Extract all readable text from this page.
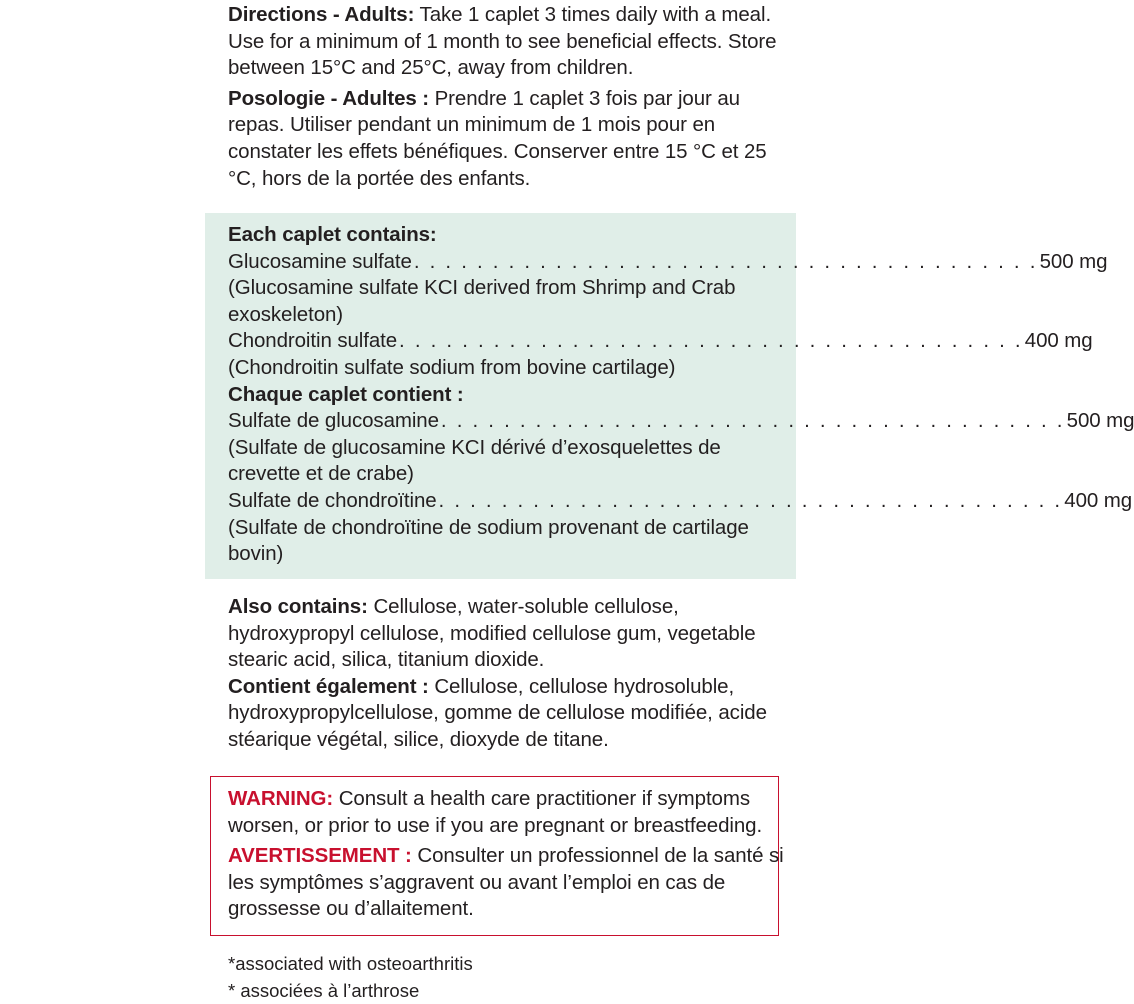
Directions - Adults: Take 1 caplet 3 times daily with a meal. Use for a minimum of 1 month to see beneficial effects. Store between 15°C and 25°C, away from children.
Posologie - Adultes : Prendre 1 caplet 3 fois par jour au repas. Utiliser pendant un minimum de 1 mois pour en constater les effets bénéfiques. Conserver entre 15 °C et 25 °C, hors de la portée des enfants.
Each caplet contains:
Glucosamine sulfate . . . . . . . . . . . . . . . . . . . . . . . . . . . . . . . . . . . . . . . . 500 mg
(Glucosamine sulfate KCI derived from Shrimp and Crab exoskeleton)
Chondroitin sulfate . . . . . . . . . . . . . . . . . . . . . . . . . . . . . . . . . . . . . . . . 400 mg
(Chondroitin sulfate sodium from bovine cartilage)
Chaque caplet contient :
Sulfate de glucosamine . . . . . . . . . . . . . . . . . . . . . . . . . . . . . . . . . . . . . . . . 500 mg
(Sulfate de glucosamine KCI dérivé d’exosquelettes de crevette et de crabe)
Sulfate de chondroïtine . . . . . . . . . . . . . . . . . . . . . . . . . . . . . . . . . . . . . . . . 400 mg
(Sulfate de chondroïtine de sodium provenant de cartilage bovin)
Also contains: Cellulose, water-soluble cellulose, hydroxypropyl cellulose, modified cellulose gum, vegetable stearic acid, silica, titanium dioxide.
Contient également : Cellulose, cellulose hydrosoluble, hydroxypropylcellulose, gomme de cellulose modifiée, acide stéarique végétal, silice, dioxyde de titane.
WARNING: Consult a health care practitioner if symptoms worsen, or prior to use if you are pregnant or breastfeeding.
AVERTISSEMENT : Consulter un professionnel de la santé si les symptômes s’aggravent ou avant l’emploi en cas de grossesse ou d’allaitement.
*associated with osteoarthritis
* associées à l’arthrose
